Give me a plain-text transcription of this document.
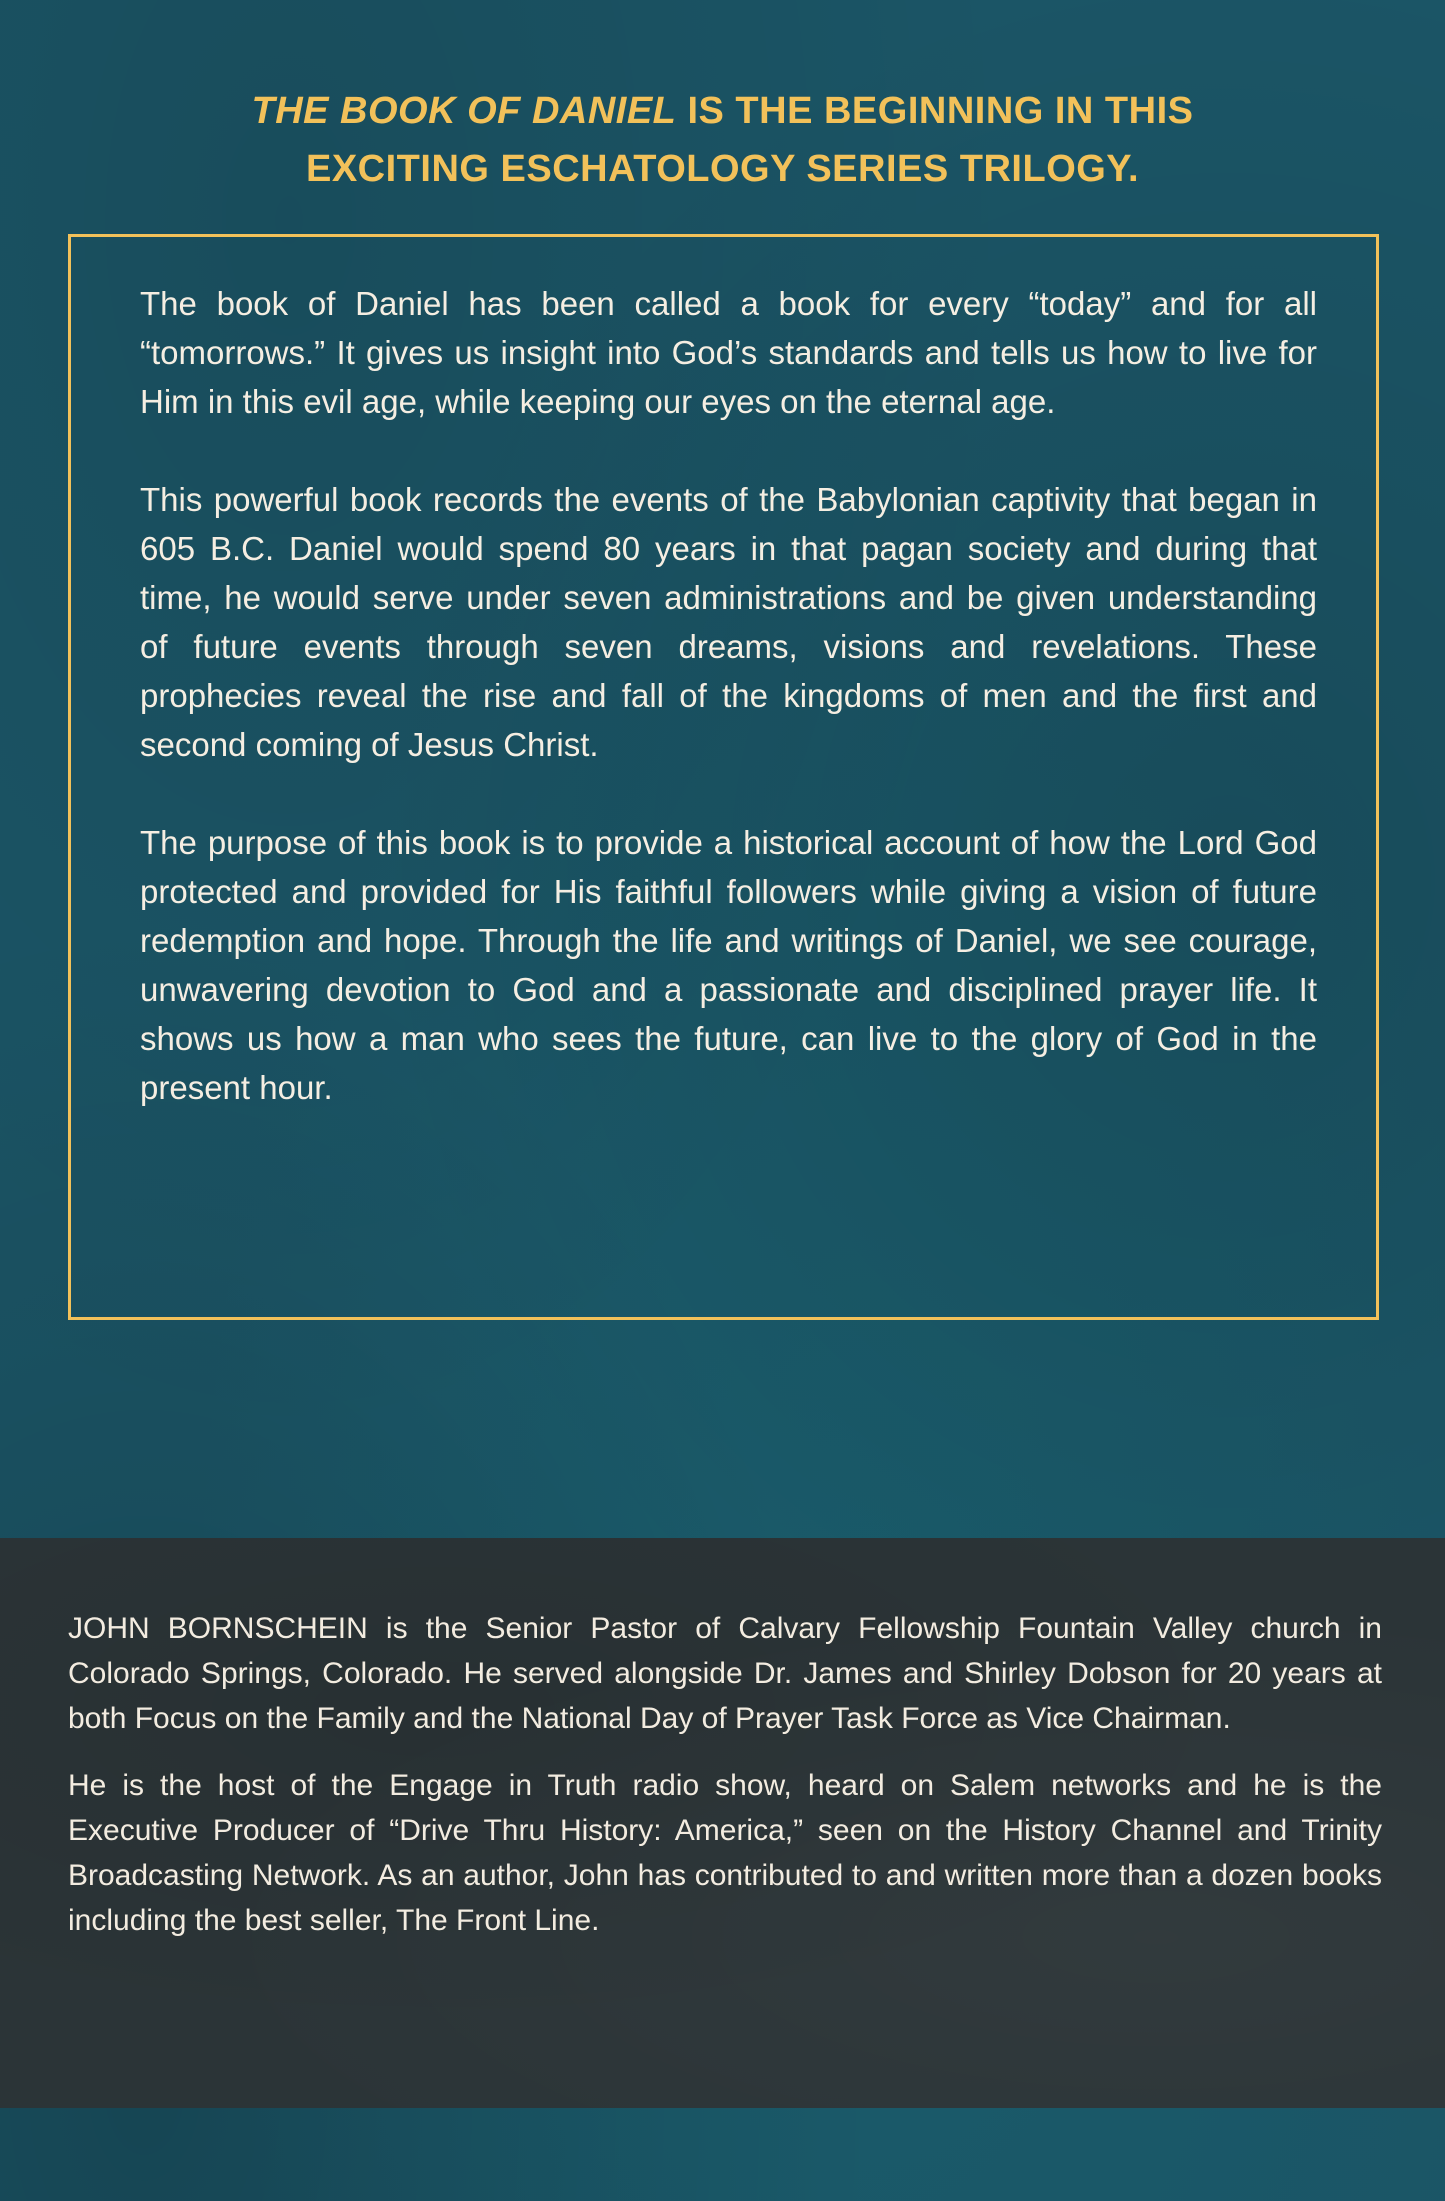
THE BOOK OF DANIEL IS THE BEGINNING IN THIS
EXCITING ESCHATOLOGY SERIES TRILOGY.

The book of Daniel has been called a book for every “today” and for all “tomorrows.” It gives us insight into God’s standards and tells us how to live for Him in this evil age, while keeping our eyes on the eternal age.

This powerful book records the events of the Babylonian captivity that began in 605 B.C. Daniel would spend 80 years in that pagan society and during that time, he would serve under seven administrations and be given understanding of future events through seven dreams, visions and revelations. These prophecies reveal the rise and fall of the kingdoms of men and the first and second coming of Jesus Christ.

The purpose of this book is to provide a historical account of how the Lord God protected and provided for His faithful followers while giving a vision of future redemption and hope. Through the life and writings of Daniel, we see courage, unwavering devotion to God and a passionate and disciplined prayer life. It shows us how a man who sees the future, can live to the glory of God in the present hour.

JOHN BORNSCHEIN is the Senior Pastor of Calvary Fellowship Fountain Valley church in Colorado Springs, Colorado. He served alongside Dr. James and Shirley Dobson for 20 years at both Focus on the Family and the National Day of Prayer Task Force as Vice Chairman.

He is the host of the Engage in Truth radio show, heard on Salem networks and he is the Executive Producer of “Drive Thru History: America,” seen on the History Channel and Trinity Broadcasting Network. As an author, John has contributed to and written more than a dozen books including the best seller, The Front Line.
